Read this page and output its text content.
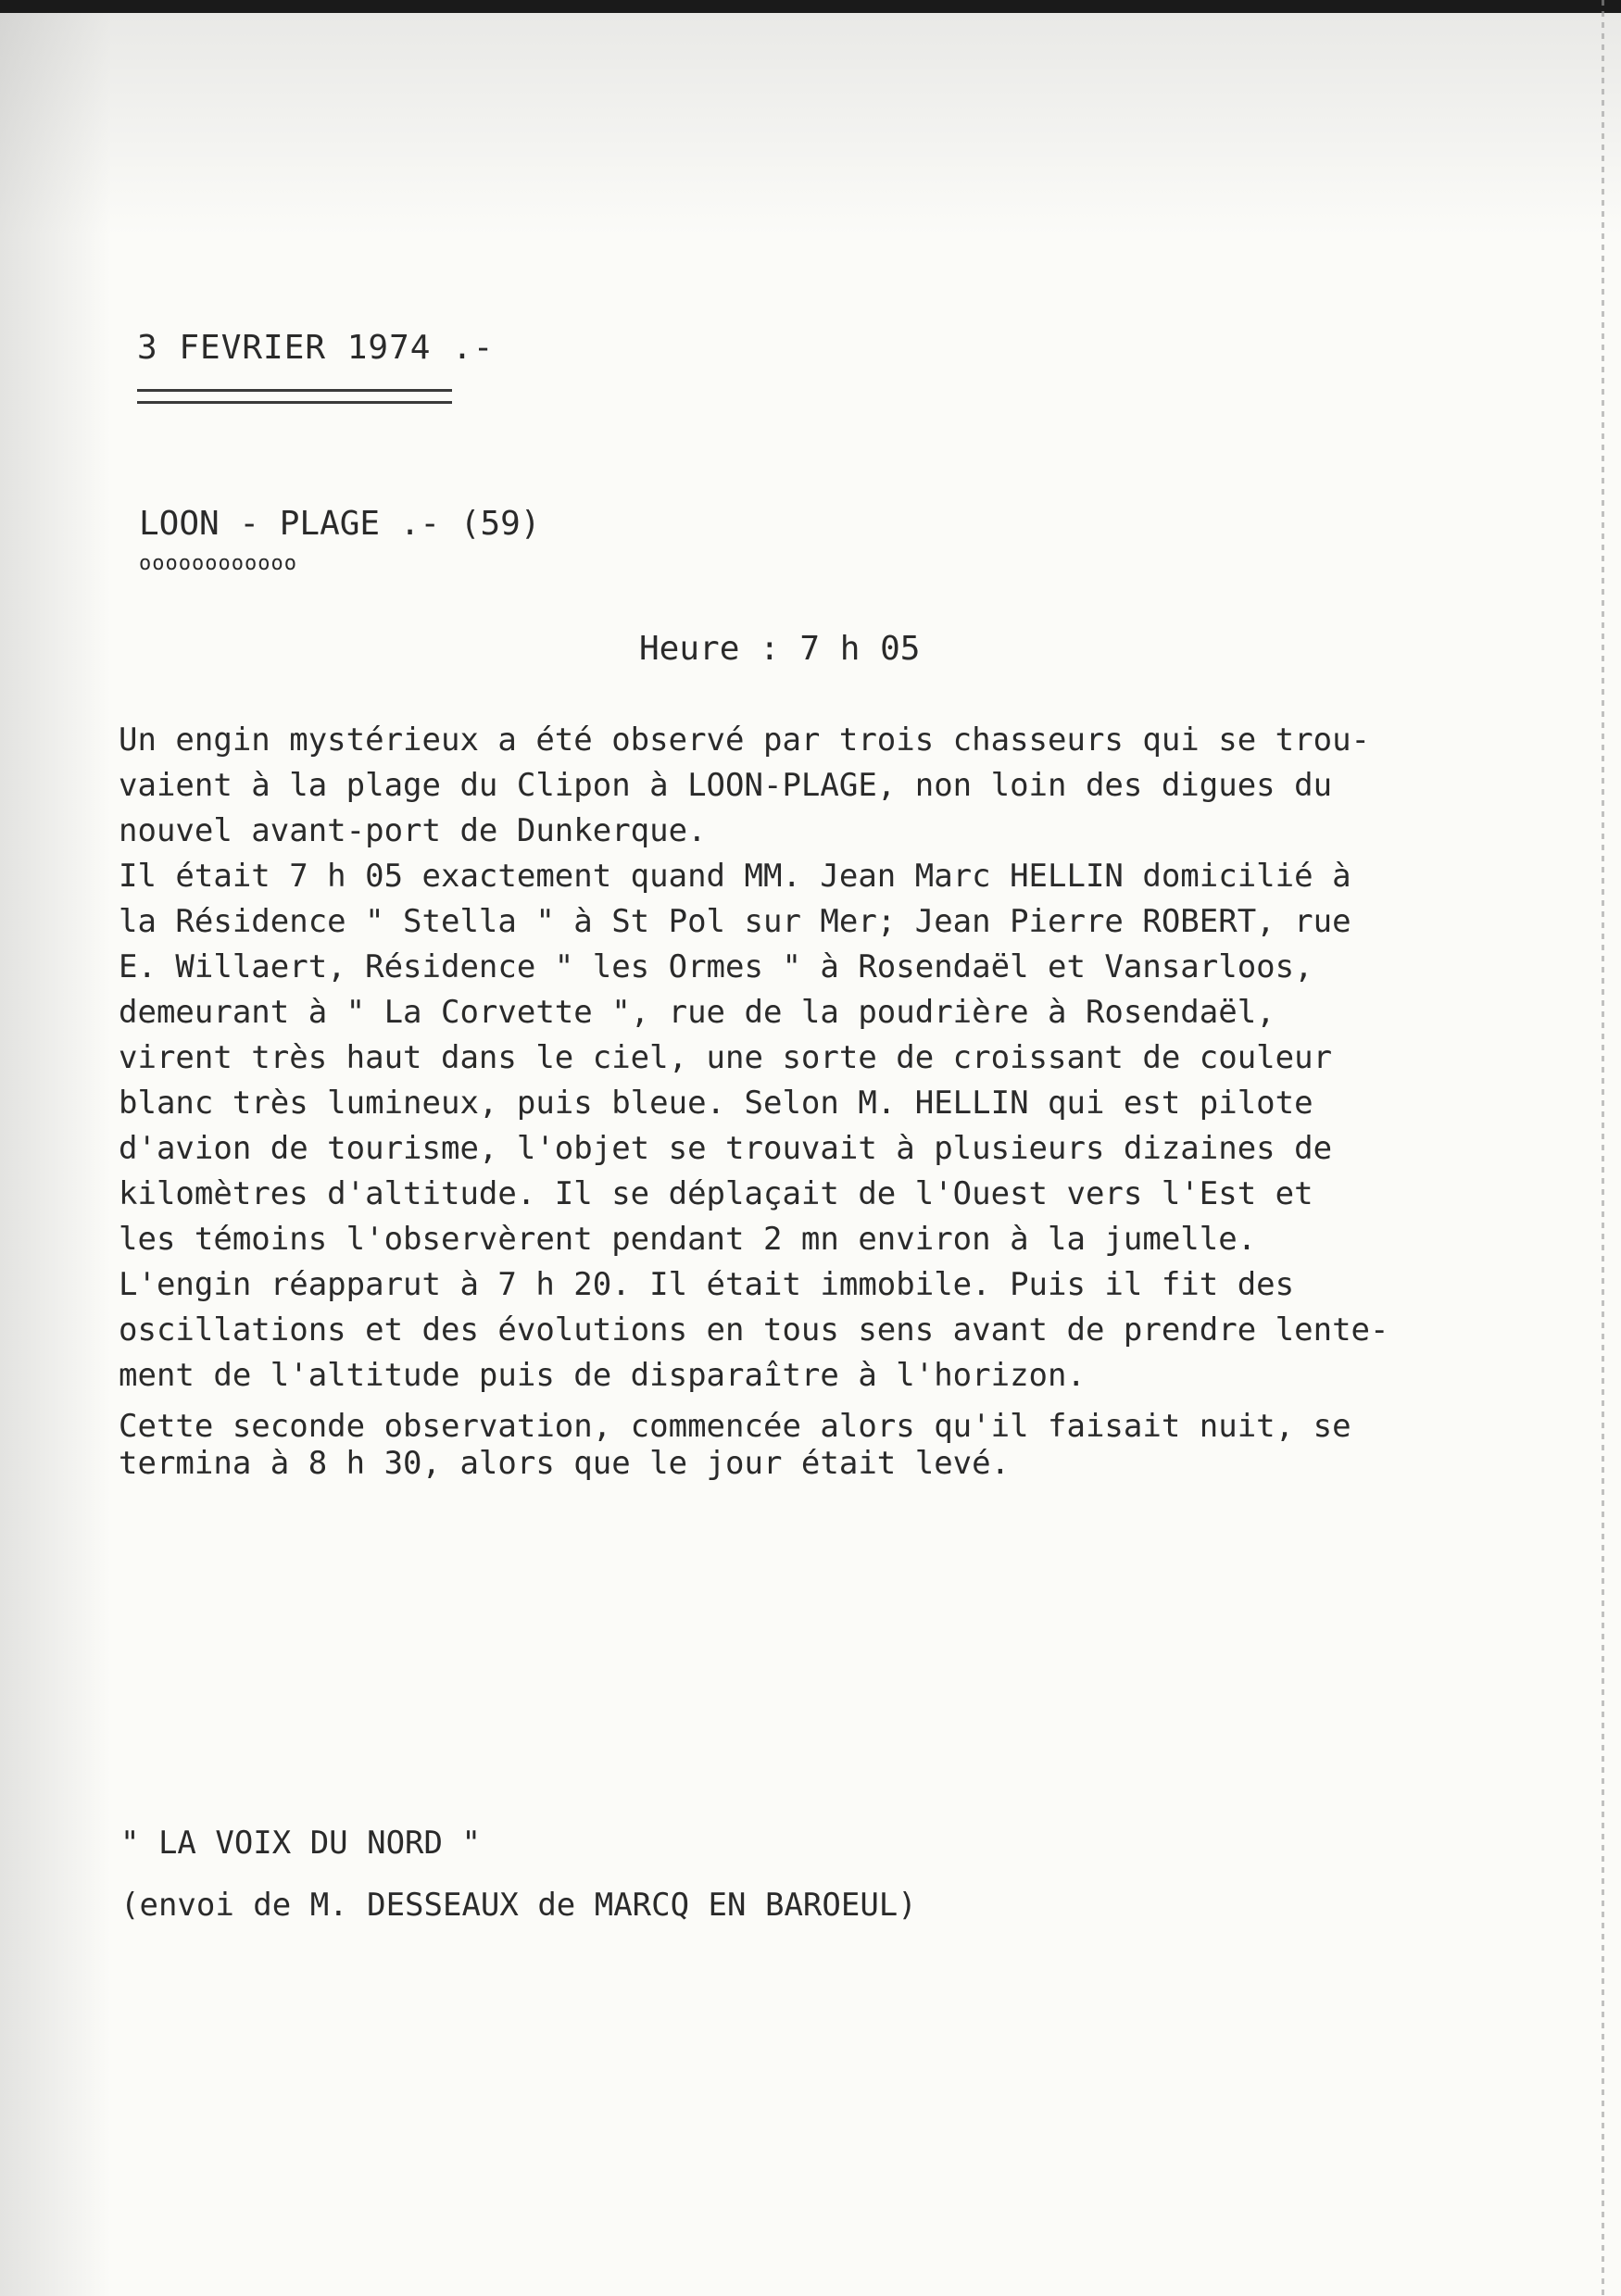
3 FEVRIER 1974 .-
LOON - PLAGE .- (59)
oooooooooooo
Heure : 7 h 05

Un engin mystérieux a été observé par trois chasseurs qui se trou-
vaient à la plage du Clipon à LOON-PLAGE, non loin des digues du
nouvel avant-port de Dunkerque.

Il était 7 h 05 exactement quand MM. Jean Marc HELLIN domicilié à
la Résidence " Stella " à St Pol sur Mer; Jean Pierre ROBERT, rue
E. Willaert, Résidence " les Ormes " à Rosendaël et Vansarloos,
demeurant à " La Corvette ", rue de la poudrière à Rosendaël,
virent très haut dans le ciel, une sorte de croissant de couleur
blanc très lumineux, puis bleue. Selon M. HELLIN qui est pilote
d'avion de tourisme, l'objet se trouvait à plusieurs dizaines de
kilomètres d'altitude. Il se déplaçait de l'Ouest vers l'Est et
les témoins l'observèrent pendant 2 mn environ à la jumelle.

L'engin réapparut à 7 h 20. Il était immobile. Puis il fit des
oscillations et des évolutions en tous sens avant de prendre lente-
ment de l'altitude puis de disparaître à l'horizon.

Cette seconde observation, commencée alors qu'il faisait nuit, se
termina à 8 h 30, alors que le jour était levé.

" LA VOIX DU NORD "
(envoi de M. DESSEAUX de MARCQ EN BAROEUL)
